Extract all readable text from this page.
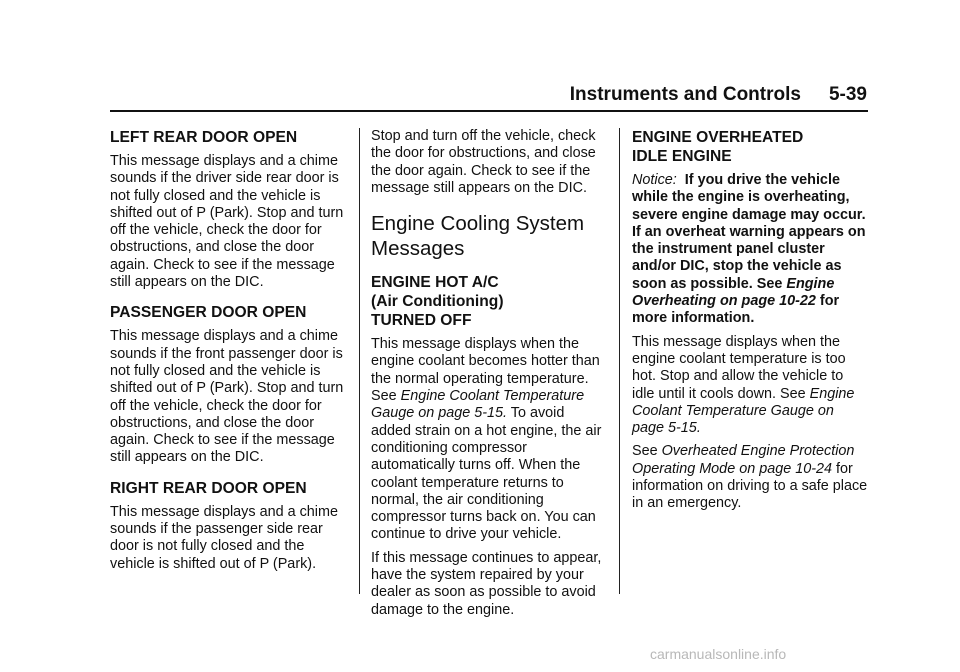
Instruments and Controls 5-39
LEFT REAR DOOR OPEN

This message displays and a chime sounds if the driver side rear door is not fully closed and the vehicle is shifted out of P (Park). Stop and turn off the vehicle, check the door for obstructions, and close the door again. Check to see if the message still appears on the DIC.

PASSENGER DOOR OPEN

This message displays and a chime sounds if the front passenger door is not fully closed and the vehicle is shifted out of P (Park). Stop and turn off the vehicle, check the door for obstructions, and close the door again. Check to see if the message still appears on the DIC.

RIGHT REAR DOOR OPEN

This message displays and a chime sounds if the passenger side rear door is not fully closed and the vehicle is shifted out of P (Park).

Stop and turn off the vehicle, check the door for obstructions, and close the door again. Check to see if the message still appears on the DIC.

Engine Cooling System
Messages
ENGINE HOT A/C
(Air Conditioning)
TURNED OFF

This message displays when the engine coolant becomes hotter than the normal operating temperature. See Engine Coolant Temperature Gauge on page 5-15. To avoid added strain on a hot engine, the air conditioning compressor automatically turns off. When the coolant temperature returns to normal, the air conditioning compressor turns back on. You can continue to drive your vehicle.

If this message continues to appear, have the system repaired by your dealer as soon as possible to avoid damage to the engine.

ENGINE OVERHEATED
IDLE ENGINE

Notice:  If you drive the vehicle while the engine is overheating, severe engine damage may occur. If an overheat warning appears on the instrument panel cluster and/or DIC, stop the vehicle as soon as possible. See Engine Overheating on page 10-22 for more information.

This message displays when the engine coolant temperature is too hot. Stop and allow the vehicle to idle until it cools down. See Engine Coolant Temperature Gauge on page 5-15.

See Overheated Engine Protection Operating Mode on page 10-24 for information on driving to a safe place in an emergency.

carmanualsonline.info
